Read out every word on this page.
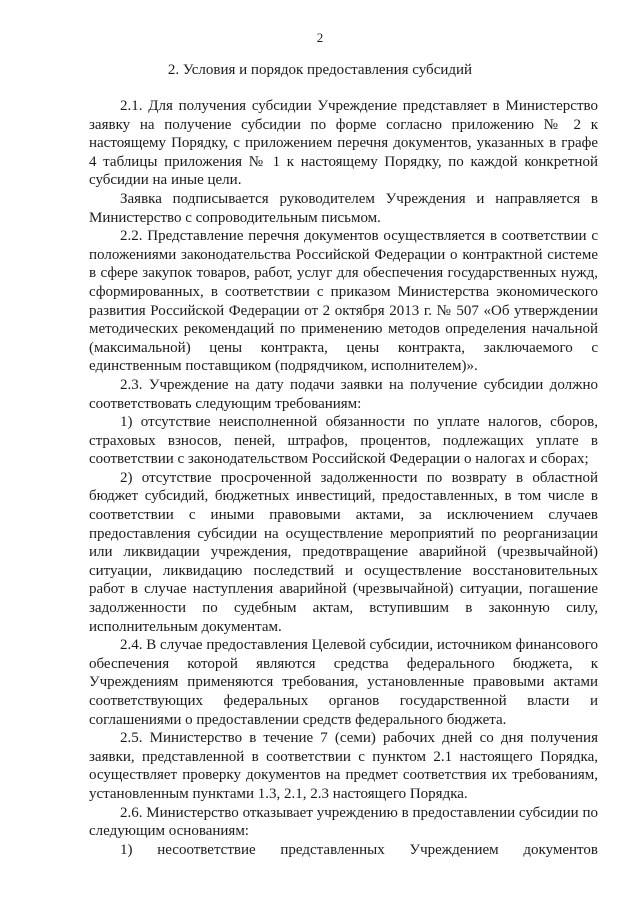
2
2. Условия и порядок предоставления субсидий

2.1. Для получения субсидии Учреждение представляет в Министерство заявку на получение субсидии по форме согласно приложению № 2 к настоящему Порядку, с приложением перечня документов, указанных в графе 4 таблицы приложения № 1 к настоящему Порядку, по каждой конкретной субсидии на иные цели.

Заявка подписывается руководителем Учреждения и направляется в Министерство с сопроводительным письмом.

2.2. Представление перечня документов осуществляется в соответствии с положениями законодательства Российской Федерации о контрактной системе в сфере закупок товаров, работ, услуг для обеспечения государственных нужд, сформированных, в соответствии с приказом Министерства экономического развития Российской Федерации от 2 октября 2013 г. № 507 «Об утверждении методических рекомендаций по применению методов определения начальной (максимальной) цены контракта, цены контракта, заключаемого с единственным поставщиком (подрядчиком, исполнителем)».

2.3. Учреждение на дату подачи заявки на получение субсидии должно соответствовать следующим требованиям:

1) отсутствие неисполненной обязанности по уплате налогов, сборов, страховых взносов, пеней, штрафов, процентов, подлежащих уплате в соответствии с законодательством Российской Федерации о налогах и сборах;

2) отсутствие просроченной задолженности по возврату в областной бюджет субсидий, бюджетных инвестиций, предоставленных, в том числе в соответствии с иными правовыми актами, за исключением случаев предоставления субсидии на осуществление мероприятий по реорганизации или ликвидации учреждения, предотвращение аварийной (чрезвычайной) ситуации, ликвидацию последствий и осуществление восстановительных работ в случае наступления аварийной (чрезвычайной) ситуации, погашение задолженности по судебным актам, вступившим в законную силу, исполнительным документам.

2.4. В случае предоставления Целевой субсидии, источником финансового обеспечения которой являются средства федерального бюджета, к Учреждениям применяются требования, установленные правовыми актами соответствующих федеральных органов государственной власти и соглашениями о предоставлении средств федерального бюджета.

2.5. Министерство в течение 7 (семи) рабочих дней со дня получения заявки, представленной в соответствии с пунктом 2.1 настоящего Порядка, осуществляет проверку документов на предмет соответствия их требованиям, установленным пунктами 1.3, 2.1, 2.3 настоящего Порядка.

2.6. Министерство отказывает учреждению в предоставлении субсидии по следующим основаниям:

1) несоответствие представленных Учреждением документов
